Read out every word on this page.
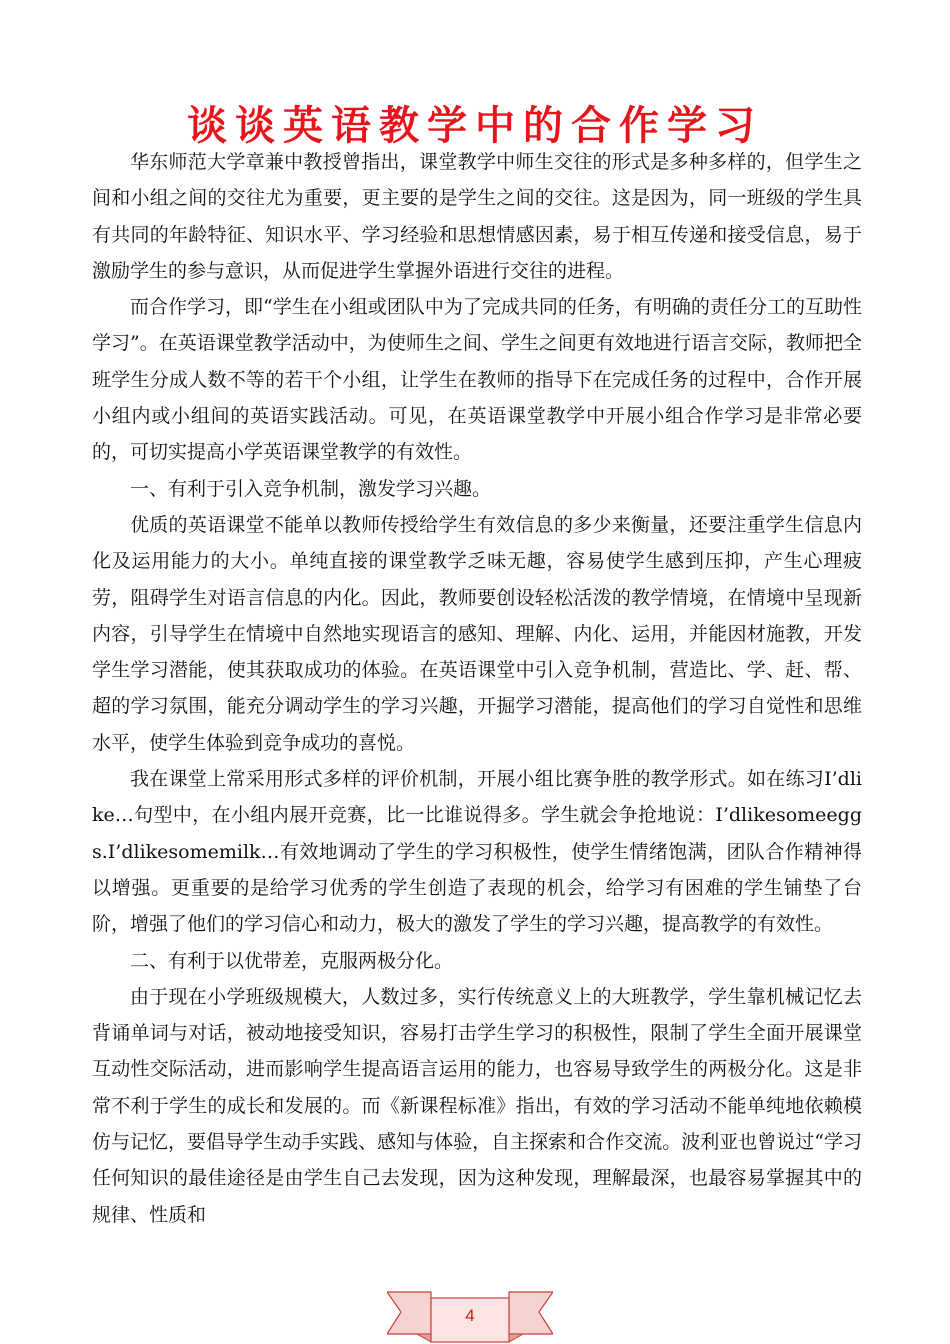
谈谈英语教学中的合作学习

华东师范大学章兼中教授曾指出，课堂教学中师生交往的形式是多种多样的，但学生之间和小组之间的交往尤为重要，更主要的是学生之间的交往。这是因为，同一班级的学生具有共同的年龄特征、知识水平、学习经验和思想情感因素，易于相互传递和接受信息，易于激励学生的参与意识，从而促进学生掌握外语进行交往的进程。

而合作学习，即“学生在小组或团队中为了完成共同的任务，有明确的责任分工的互助性学习”。在英语课堂教学活动中，为使师生之间、学生之间更有效地进行语言交际，教师把全班学生分成人数不等的若干个小组，让学生在教师的指导下在完成任务的过程中，合作开展小组内或小组间的英语实践活动。可见，在英语课堂教学中开展小组合作学习是非常必要的，可切实提高小学英语课堂教学的有效性。

一、有利于引入竞争机制，激发学习兴趣。

优质的英语课堂不能单以教师传授给学生有效信息的多少来衡量，还要注重学生信息内化及运用能力的大小。单纯直接的课堂教学乏味无趣，容易使学生感到压抑，产生心理疲劳，阻碍学生对语言信息的内化。因此，教师要创设轻松活泼的教学情境，在情境中呈现新内容，引导学生在情境中自然地实现语言的感知、理解、内化、运用，并能因材施教，开发学生学习潜能，使其获取成功的体验。在英语课堂中引入竞争机制，营造比、学、赶、帮、超的学习氛围，能充分调动学生的学习兴趣，开掘学习潜能，提高他们的学习自觉性和思维水平，使学生体验到竞争成功的喜悦。

我在课堂上常采用形式多样的评价机制，开展小组比赛争胜的教学形式。如在练习I’dlike…句型中，在小组内展开竞赛，比一比谁说得多。学生就会争抢地说：I’dlikesomeeggs.I’dlikesomemilk…有效地调动了学生的学习积极性，使学生情绪饱满，团队合作精神得以增强。更重要的是给学习优秀的学生创造了表现的机会，给学习有困难的学生铺垫了台阶，增强了他们的学习信心和动力，极大的激发了学生的学习兴趣，提高教学的有效性。

二、有利于以优带差，克服两极分化。

由于现在小学班级规模大，人数过多，实行传统意义上的大班教学，学生靠机械记忆去背诵单词与对话，被动地接受知识，容易打击学生学习的积极性，限制了学生全面开展课堂互动性交际活动，进而影响学生提高语言运用的能力，也容易导致学生的两极分化。这是非常不利于学生的成长和发展的。而《新课程标准》指出，有效的学习活动不能单纯地依赖模仿与记忆，要倡导学生动手实践、感知与体验，自主探索和合作交流。波利亚也曾说过“学习任何知识的最佳途径是由学生自己去发现，因为这种发现，理解最深，也最容易掌握其中的规律、性质和

4
